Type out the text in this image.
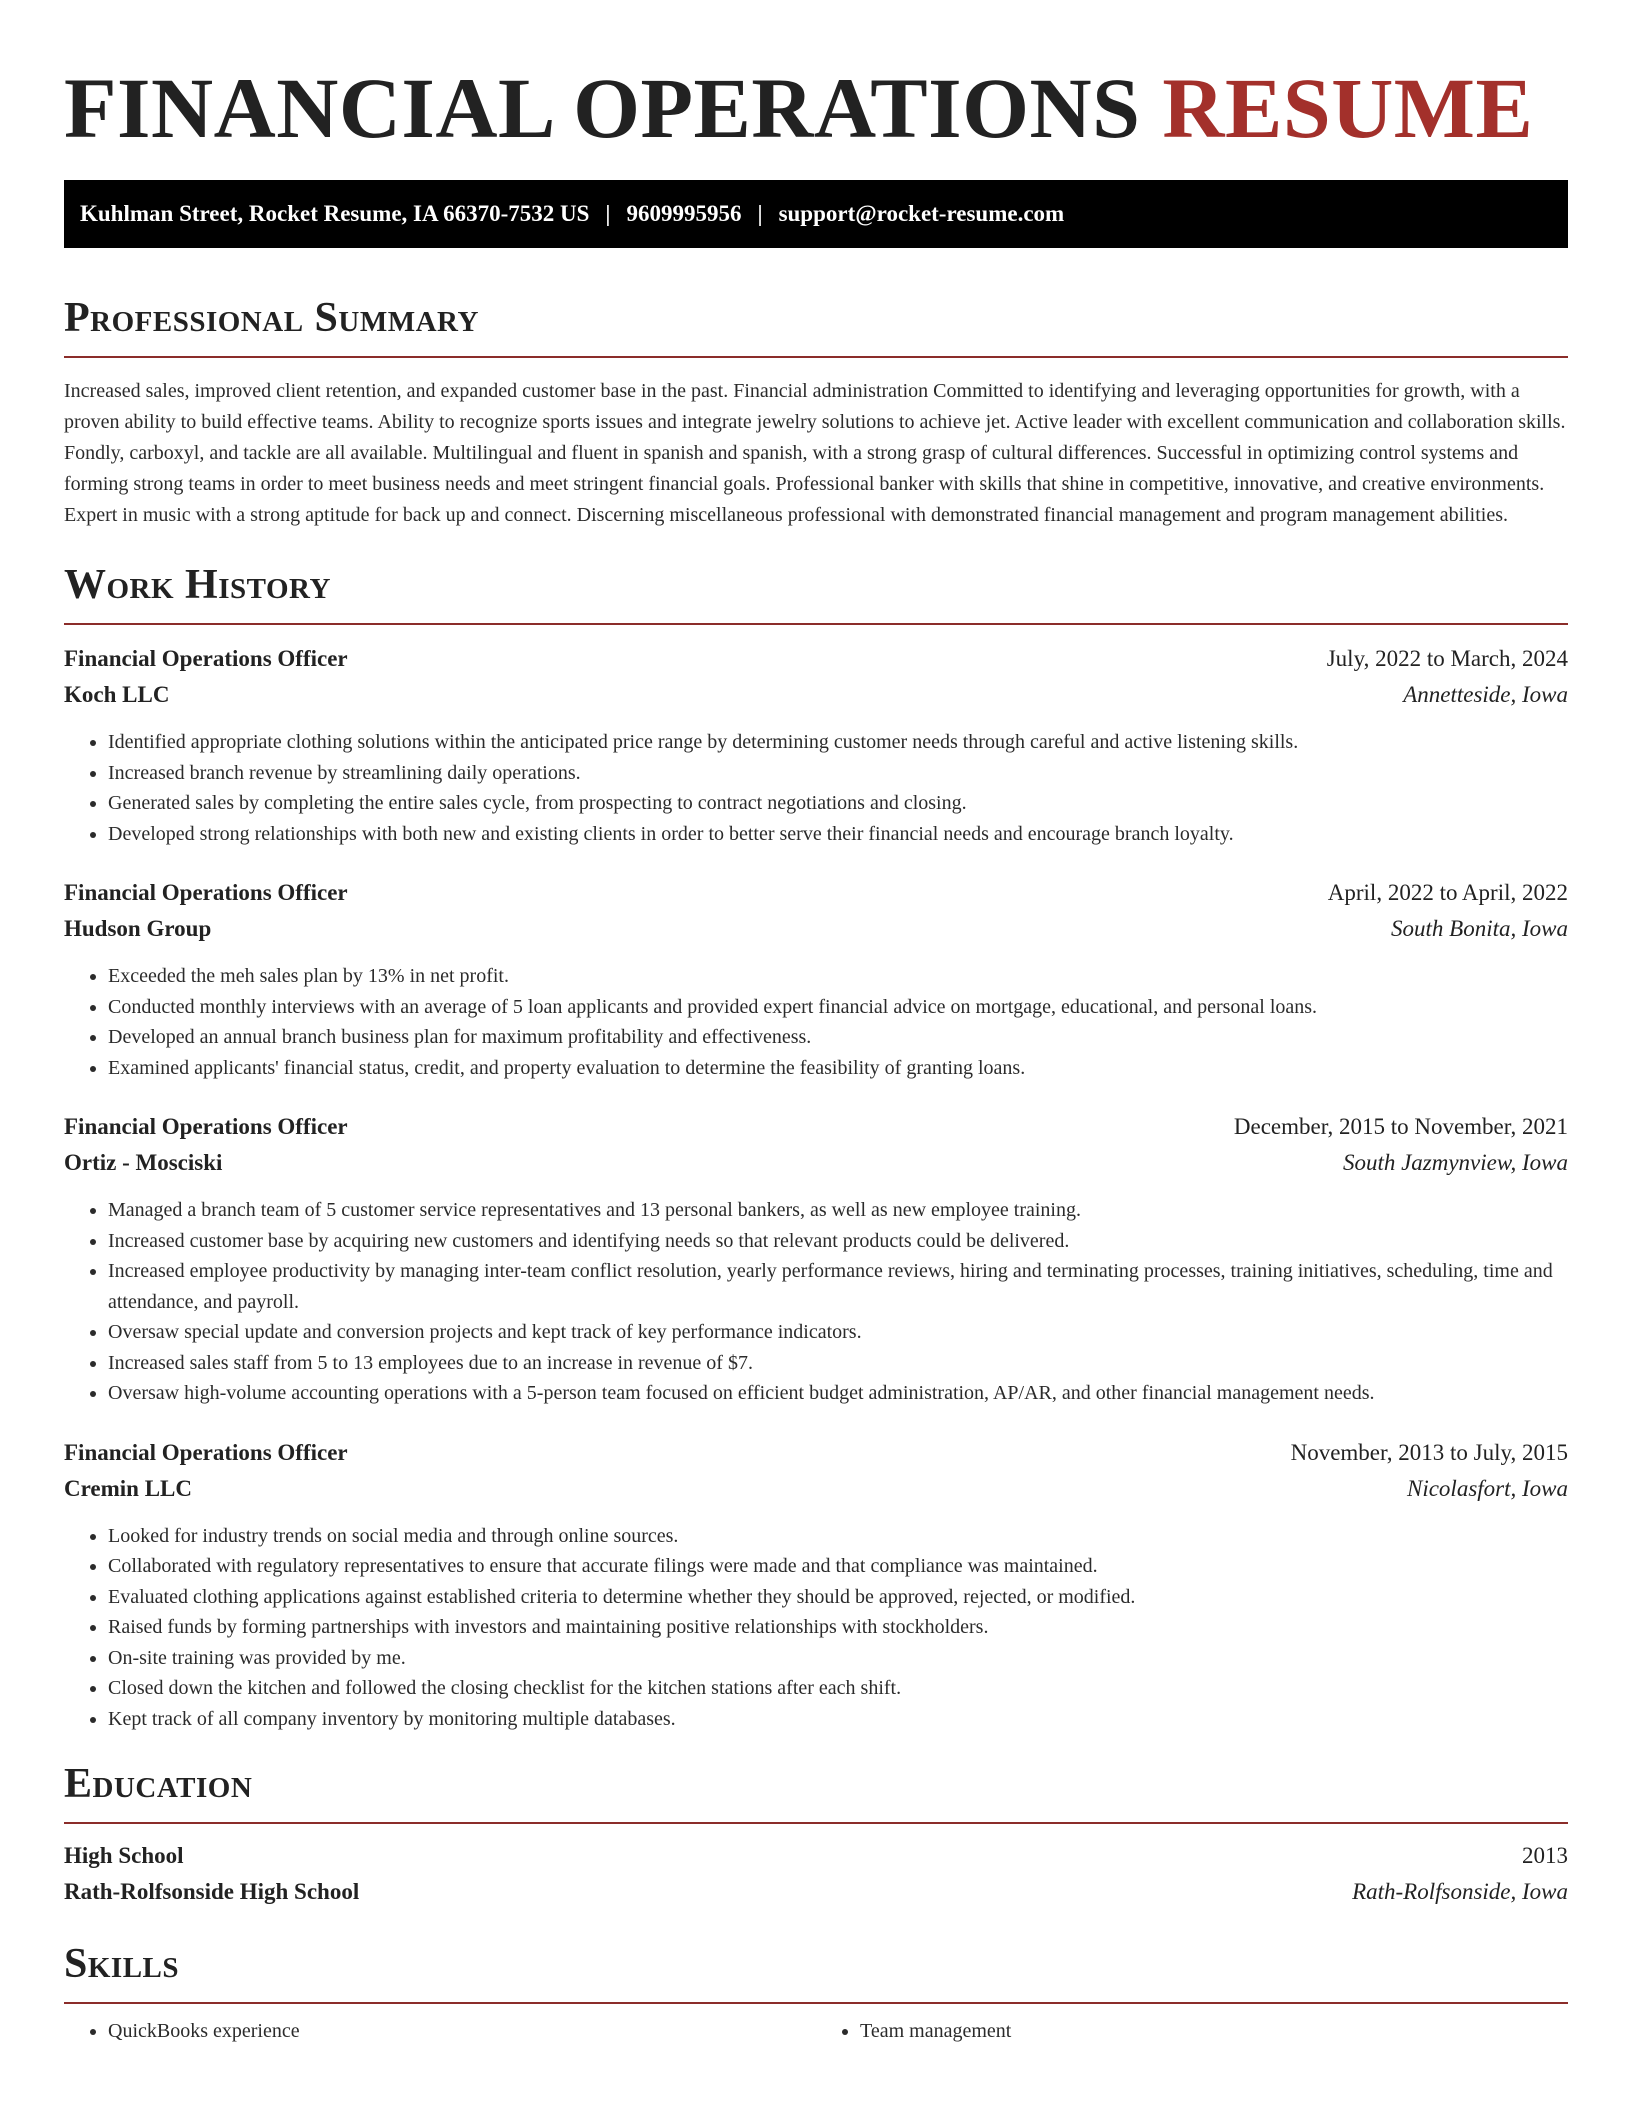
FINANCIAL OPERATIONS RESUME
Kuhlman Street, Rocket Resume, IA 66370-7532 US | 9609995956 | support@rocket-resume.com
Professional Summary

Increased sales, improved client retention, and expanded customer base in the past. Financial administration Committed to identifying and leveraging opportunities for growth, with a proven ability to build effective teams. Ability to recognize sports issues and integrate jewelry solutions to achieve jet. Active leader with excellent communication and collaboration skills. Fondly, carboxyl, and tackle are all available. Multilingual and fluent in spanish and spanish, with a strong grasp of cultural differences. Successful in optimizing control systems and forming strong teams in order to meet business needs and meet stringent financial goals. Professional banker with skills that shine in competitive, innovative, and creative environments. Expert in music with a strong aptitude for back up and connect. Discerning miscellaneous professional with demonstrated financial management and program management abilities.

Work History
Financial Operations Officer	July, 2022 to March, 2024
Koch LLC	Annetteside, Iowa
• Identified appropriate clothing solutions within the anticipated price range by determining customer needs through careful and active listening skills.
• Increased branch revenue by streamlining daily operations.
• Generated sales by completing the entire sales cycle, from prospecting to contract negotiations and closing.
• Developed strong relationships with both new and existing clients in order to better serve their financial needs and encourage branch loyalty.
Financial Operations Officer	April, 2022 to April, 2022
Hudson Group	South Bonita, Iowa
• Exceeded the meh sales plan by 13% in net profit.
• Conducted monthly interviews with an average of 5 loan applicants and provided expert financial advice on mortgage, educational, and personal loans.
• Developed an annual branch business plan for maximum profitability and effectiveness.
• Examined applicants' financial status, credit, and property evaluation to determine the feasibility of granting loans.
Financial Operations Officer	December, 2015 to November, 2021
Ortiz - Mosciski	South Jazmynview, Iowa
• Managed a branch team of 5 customer service representatives and 13 personal bankers, as well as new employee training.
• Increased customer base by acquiring new customers and identifying needs so that relevant products could be delivered.
• Increased employee productivity by managing inter-team conflict resolution, yearly performance reviews, hiring and terminating processes, training initiatives, scheduling, time and attendance, and payroll.
• Oversaw special update and conversion projects and kept track of key performance indicators.
• Increased sales staff from 5 to 13 employees due to an increase in revenue of $7.
• Oversaw high-volume accounting operations with a 5-person team focused on efficient budget administration, AP/AR, and other financial management needs.
Financial Operations Officer	November, 2013 to July, 2015
Cremin LLC	Nicolasfort, Iowa
• Looked for industry trends on social media and through online sources.
• Collaborated with regulatory representatives to ensure that accurate filings were made and that compliance was maintained.
• Evaluated clothing applications against established criteria to determine whether they should be approved, rejected, or modified.
• Raised funds by forming partnerships with investors and maintaining positive relationships with stockholders.
• On-site training was provided by me.
• Closed down the kitchen and followed the closing checklist for the kitchen stations after each shift.
• Kept track of all company inventory by monitoring multiple databases.
Education
High School	2013
Rath-Rolfsonside High School	Rath-Rolfsonside, Iowa
Skills
• QuickBooks experience
•	Team management
